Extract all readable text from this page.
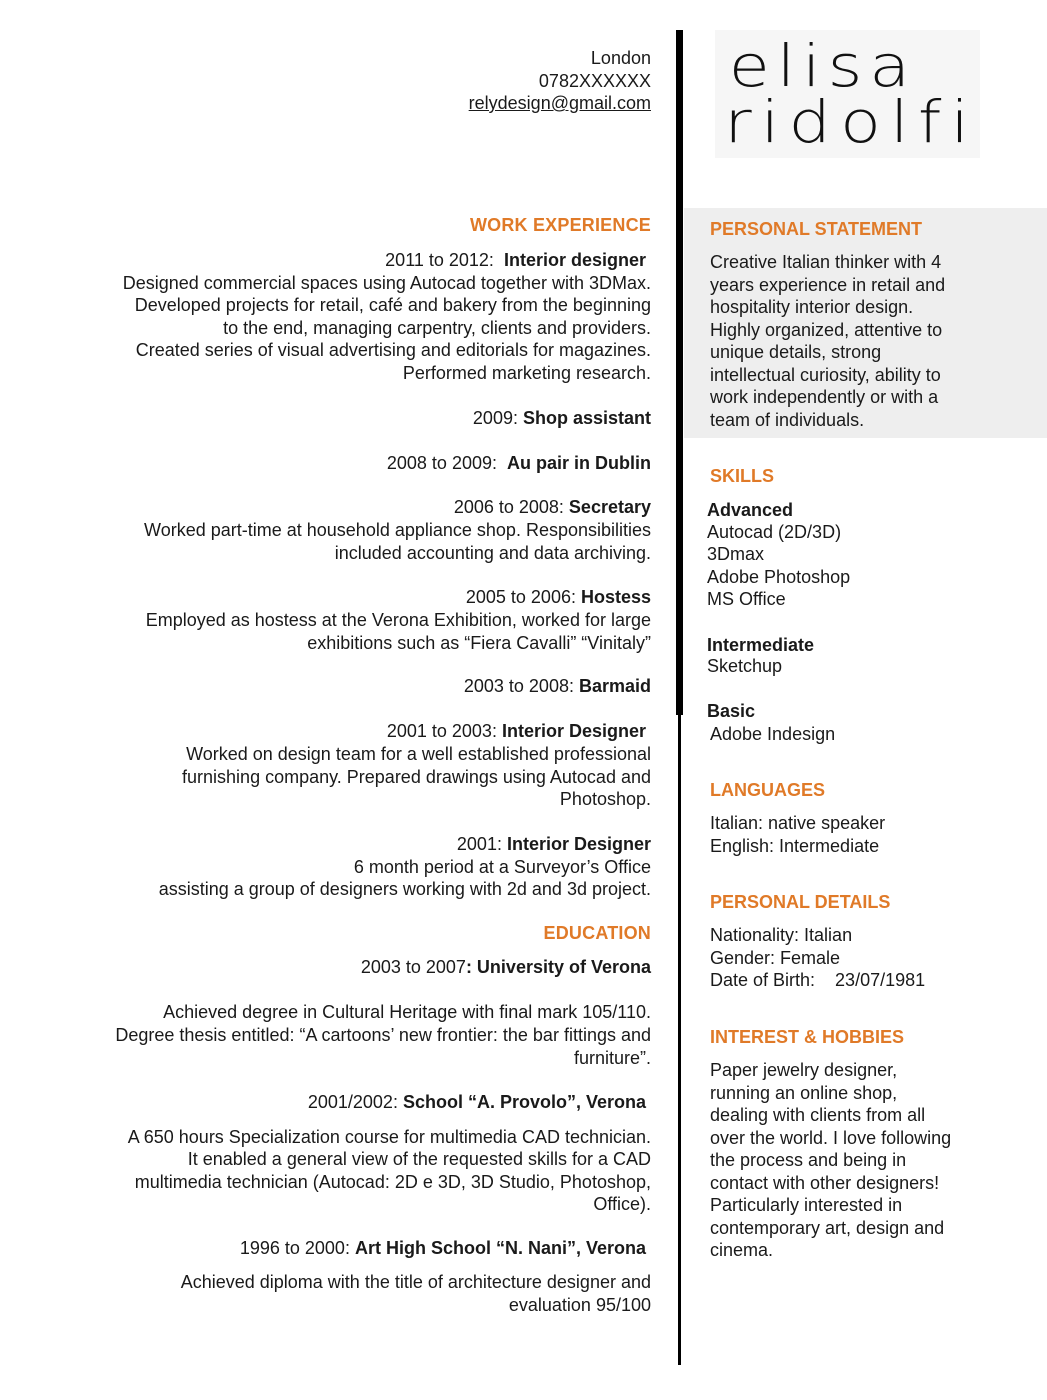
London
0782XXXXXX
relydesign@gmail.com
WORK EXPERIENCE
2011 to 2012:  Interior designer
Designed commercial spaces using Autocad together with 3DMax.
Developed projects for retail, café and bakery from the beginning
to the end, managing carpentry, clients and providers.
Created series of visual advertising and editorials for magazines.
Performed marketing research.
2009: Shop assistant
2008 to 2009:  Au pair in Dublin
2006 to 2008: Secretary
Worked part-time at household appliance shop. Responsibilities
included accounting and data archiving.
2005 to 2006: Hostess
Employed as hostess at the Verona Exhibition, worked for large
exhibitions such as “Fiera Cavalli” “Vinitaly”
2003 to 2008: Barmaid
2001 to 2003: Interior Designer
Worked on design team for a well established professional
furnishing company. Prepared drawings using Autocad and
Photoshop.
2001: Interior Designer
6 month period at a Surveyor’s Office
assisting a group of designers working with 2d and 3d project.
EDUCATION
2003 to 2007: University of Verona
Achieved degree in Cultural Heritage with final mark 105/110.
Degree thesis entitled: “A cartoons’ new frontier: the bar fittings and
furniture”.
2001/2002: School “A. Provolo”, Verona
A 650 hours Specialization course for multimedia CAD technician.
It enabled a general view of the requested skills for a CAD
multimedia technician (Autocad: 2D e 3D, 3D Studio, Photoshop,
Office).
1996 to 2000: Art High School “N. Nani”, Verona
Achieved diploma with the title of architecture designer and
evaluation 95/100
elisa
ridolfi
PERSONAL STATEMENT
Creative Italian thinker with 4
years experience in retail and
hospitality interior design.
Highly organized, attentive to
unique details, strong
intellectual curiosity, ability to
work independently or with a
team of individuals.
SKILLS
Advanced
Autocad (2D/3D)
3Dmax
Adobe Photoshop
MS Office
Intermediate
Sketchup
Basic
Adobe Indesign
LANGUAGES
Italian: native speaker
English: Intermediate
PERSONAL DETAILS
Nationality: Italian
Gender: Female
Date of Birth:    23/07/1981
INTEREST & HOBBIES
Paper jewelry designer,
running an online shop,
dealing with clients from all
over the world. I love following
the process and being in
contact with other designers!
Particularly interested in
contemporary art, design and
cinema.
